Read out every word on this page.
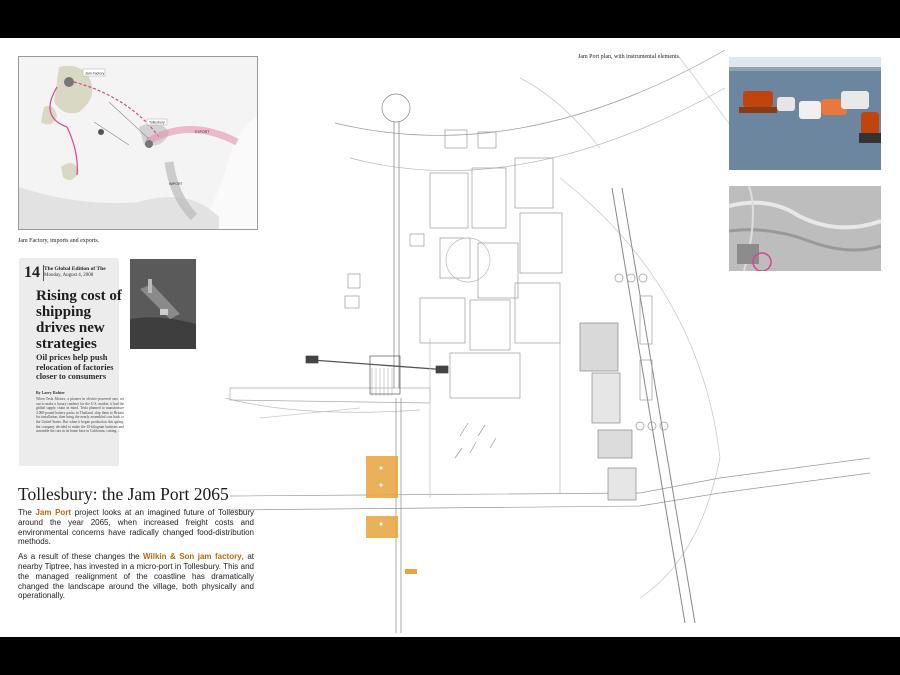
Jam Factory
Tollesbury
EXPORT
IMPORT
Jam Factory, imports and exports.
Jam Port plan, with instrumental elements.
14 The Global Edition of The
Monday, August 4, 2008
Rising cost of shipping drives new strategies
Oil prices help push relocation of factories closer to consumers
By Larry Rohter
When Tesla Motors, a pioneer in electric-powered cars, set out to make a luxury roadster for the U.S. market, it had the global supply chain in mind. Tesla planned to manufacture 3,000-pound battery packs in Thailand, ship them to Britain for installation, then bring the nearly assembled cars back to the United States. But when it began production this spring, the company decided to make the 45-kilogram batteries and assemble the cars in its home base in California, cutting...
Tollesbury: the Jam Port 2065

The Jam Port project looks at an imagined future of Tollesbury around the year 2065, when increased freight costs and environmental concerns have radically changed food-distribution methods.

As a result of these changes the Wilkin & Son jam factory, at nearby Tiptree, has invested in a micro-port in Tollesbury. This and the managed realignment of the coastline has dramatically changed the landscape around the village, both physically and operationally.
